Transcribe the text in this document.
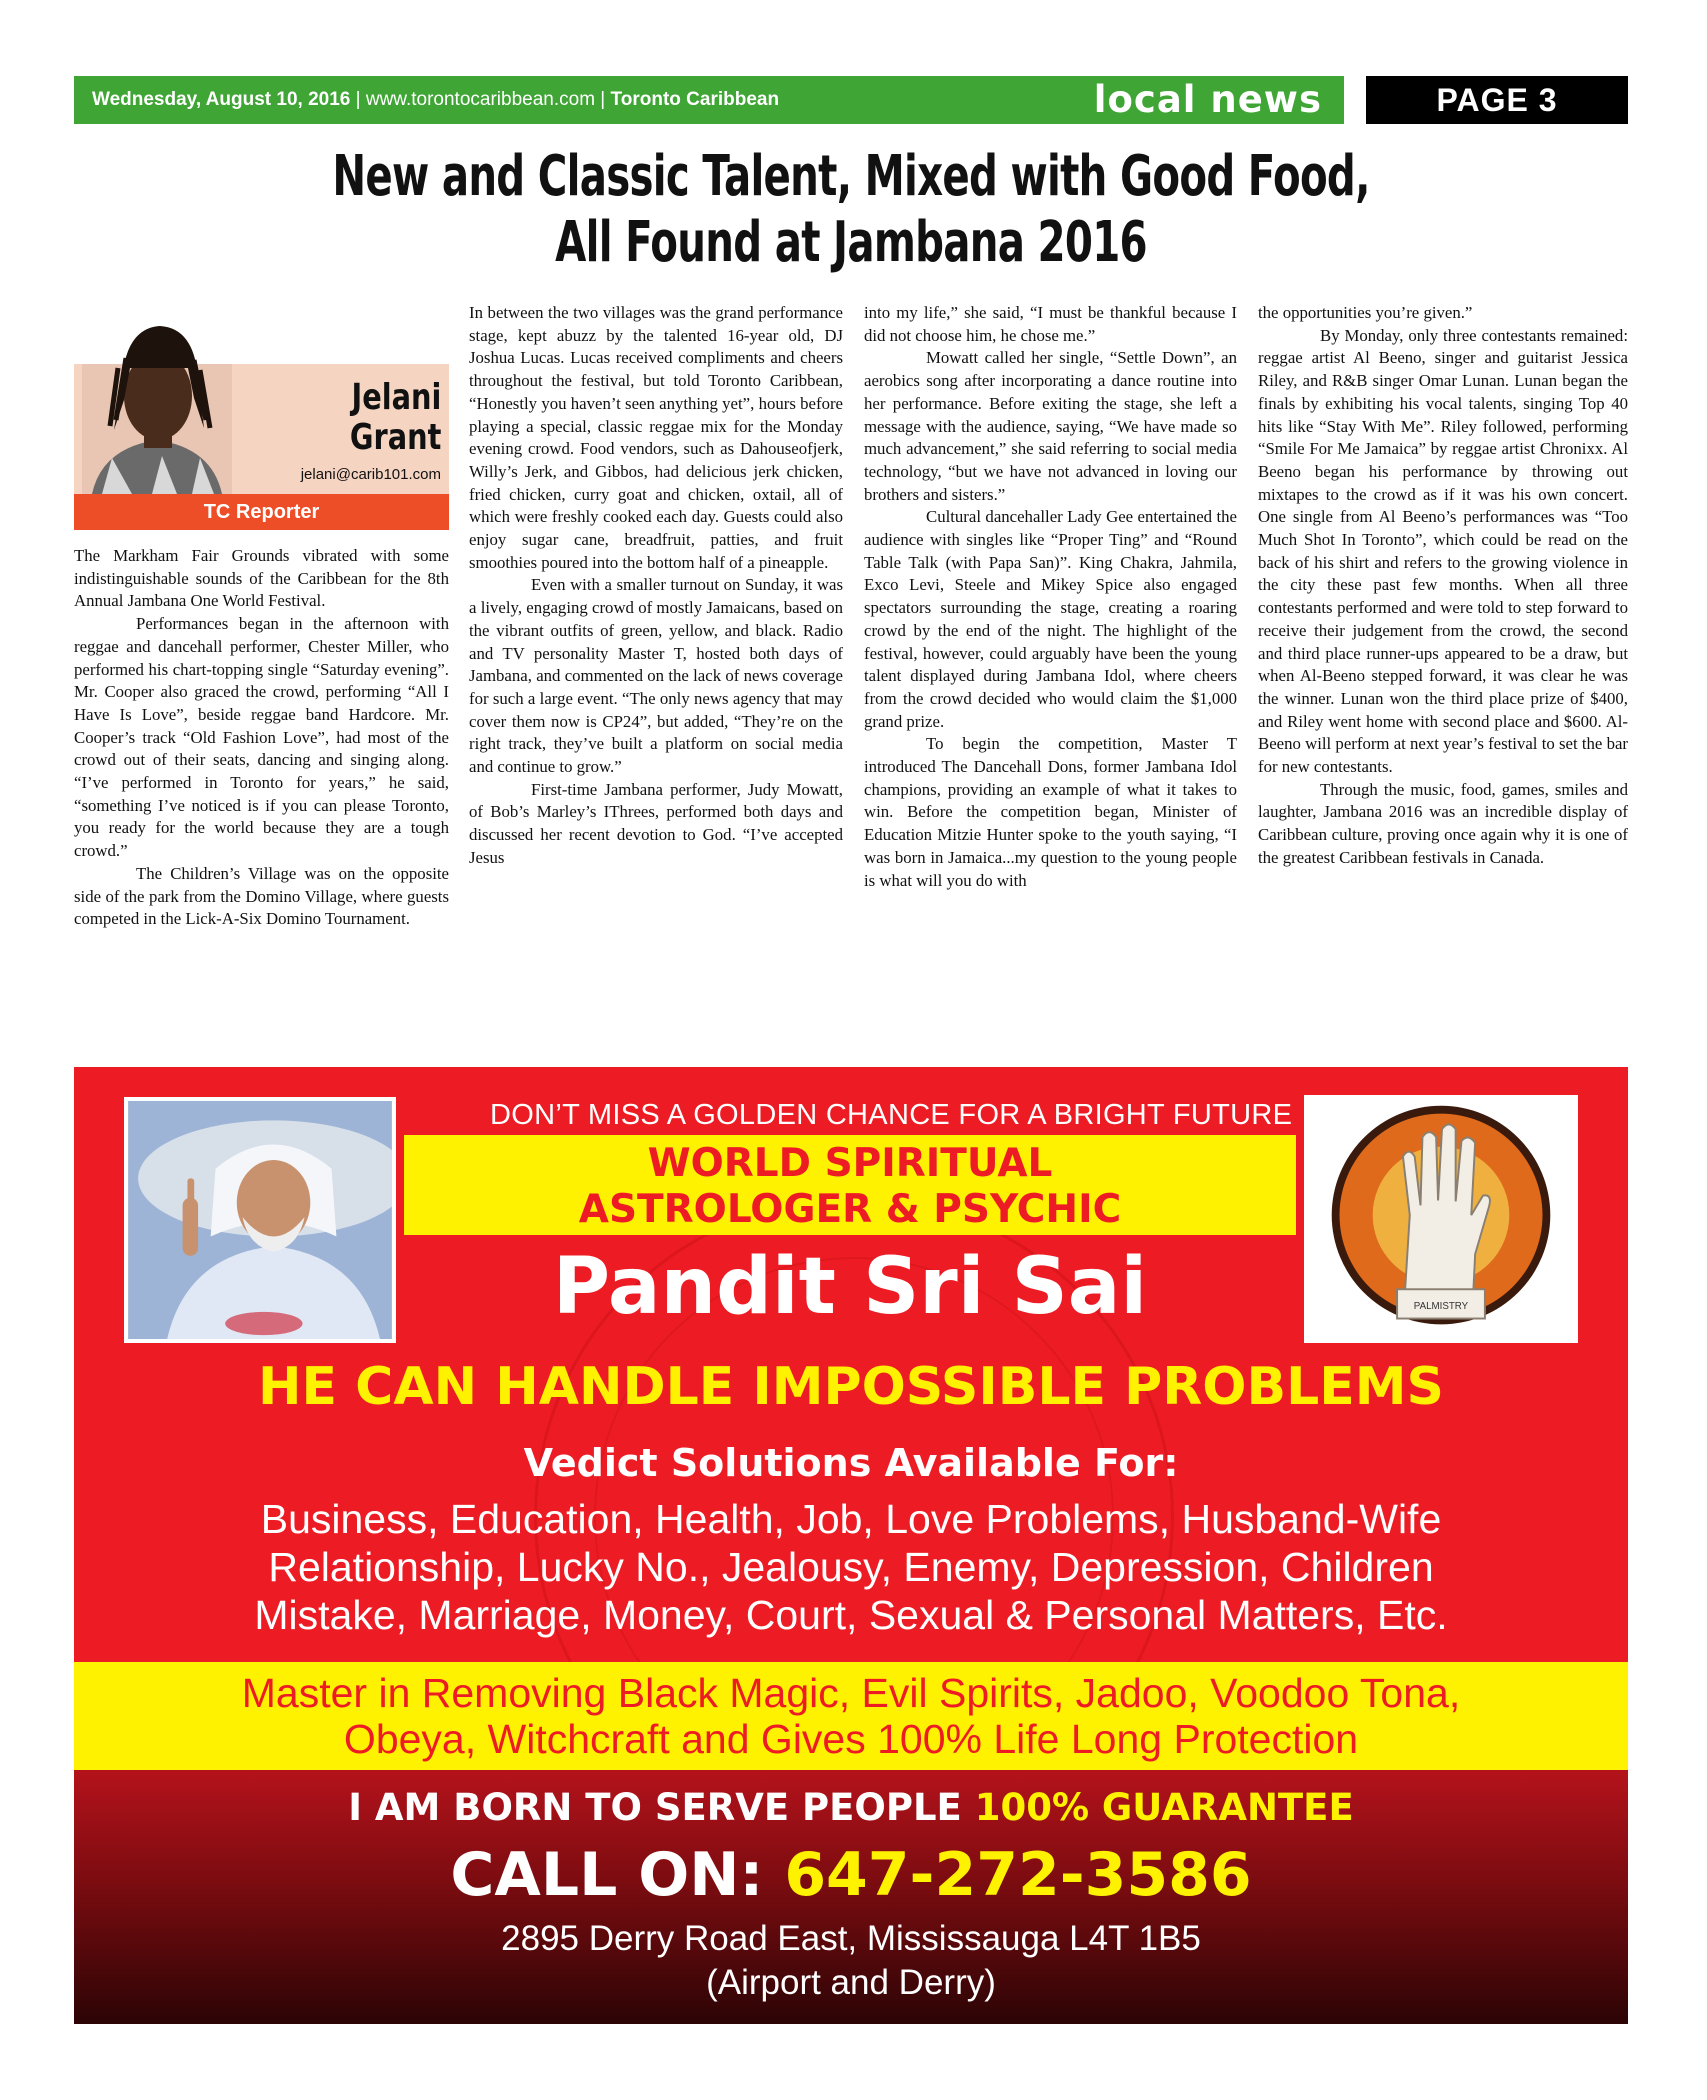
Wednesday, August 10, 2016 | www.torontocaribbean.com | Toronto Caribbean	local news	PAGE 3
New and Classic Talent, Mixed with Good Food,
All Found at Jambana 2016
Jelani
Grant
jelani@carib101.com
TC Reporter

The Markham Fair Grounds vibrated with some indistinguishable sounds of the Caribbean for the 8th Annual Jambana One World Festival.

Performances began in the afternoon with reggae and dancehall performer, Chester Miller, who performed his chart-topping single “Saturday evening”. Mr. Cooper also graced the crowd, performing “All I Have Is Love”, beside reggae band Hardcore. Mr. Cooper’s track “Old Fashion Love”, had most of the crowd out of their seats, dancing and singing along. “I’ve performed in Toronto for years,” he said, “something I’ve noticed is if you can please Toronto, you ready for the world because they are a tough crowd.”

The Children’s Village was on the opposite side of the park from the Domino Village, where guests competed in the Lick-A-Six Domino Tournament.

In between the two villages was the grand performance stage, kept abuzz by the talented 16-year old, DJ Joshua Lucas. Lucas received compliments and cheers throughout the festival, but told Toronto Caribbean, “Honestly you haven’t seen anything yet”, hours before playing a special, classic reggae mix for the Monday evening crowd. Food vendors, such as Dahouseofjerk, Willy’s Jerk, and Gibbos, had delicious jerk chicken, fried chicken, curry goat and chicken, oxtail, all of which were freshly cooked each day. Guests could also enjoy sugar cane, breadfruit, patties, and fruit smoothies poured into the bottom half of a pineapple.

Even with a smaller turnout on Sunday, it was a lively, engaging crowd of mostly Jamaicans, based on the vibrant outfits of green, yellow, and black. Radio and TV personality Master T, hosted both days of Jambana, and commented on the lack of news coverage for such a large event. “The only news agency that may cover them now is CP24”, but added, “They’re on the right track, they’ve built a platform on social media and continue to grow.”

First-time Jambana performer, Judy Mowatt, of Bob’s Marley’s IThrees, performed both days and discussed her recent devotion to God. “I’ve accepted Jesus

into my life,” she said, “I must be thankful because I did not choose him, he chose me.”

Mowatt called her single, “Settle Down”, an aerobics song after incorporating a dance routine into her performance. Before exiting the stage, she left a message with the audience, saying, “We have made so much advancement,” she said referring to social media technology, “but we have not advanced in loving our brothers and sisters.”

Cultural dancehaller Lady Gee entertained the audience with singles like “Proper Ting” and “Round Table Talk (with Papa San)”. King Chakra, Jahmila, Exco Levi, Steele and Mikey Spice also engaged spectators surrounding the stage, creating a roaring crowd by the end of the night. The highlight of the festival, however, could arguably have been the young talent displayed during Jambana Idol, where cheers from the crowd decided who would claim the $1,000 grand prize.

To begin the competition, Master T introduced The Dancehall Dons, former Jambana Idol champions, providing an example of what it takes to win. Before the competition began, Minister of Education Mitzie Hunter spoke to the youth saying, “I was born in Jamaica...my question to the young people is what will you do with

the opportunities you’re given.”

By Monday, only three contestants remained: reggae artist Al Beeno, singer and guitarist Jessica Riley, and R&B singer Omar Lunan. Lunan began the finals by exhibiting his vocal talents, singing Top 40 hits like “Stay With Me”. Riley followed, performing “Smile For Me Jamaica” by reggae artist Chronixx. Al Beeno began his performance by throwing out mixtapes to the crowd as if it was his own concert. One single from Al Beeno’s performances was “Too Much Shot In Toronto”, which could be read on the back of his shirt and refers to the growing violence in the city these past few months. When all three contestants performed and were told to step forward to receive their judgement from the crowd, the second and third place runner-ups appeared to be a draw, but when Al-Beeno stepped forward, it was clear he was the winner. Lunan won the third place prize of $400, and Riley went home with second place and $600. Al-Beeno will perform at next year’s festival to set the bar for new contestants.

Through the music, food, games, smiles and laughter, Jambana 2016 was an incredible display of Caribbean culture, proving once again why it is one of the greatest Caribbean festivals in Canada.

PALMISTRY
DON’T MISS A GOLDEN CHANCE FOR A BRIGHT FUTURE
WORLD SPIRITUAL
ASTROLOGER & PSYCHIC
Pandit Sri Sai
HE CAN HANDLE IMPOSSIBLE PROBLEMS
Vedict Solutions Available For:
Business, Education, Health, Job, Love Problems, Husband-Wife
Relationship, Lucky No., Jealousy, Enemy, Depression, Children
Mistake, Marriage, Money, Court, Sexual & Personal Matters, Etc.
Master in Removing Black Magic, Evil Spirits, Jadoo, Voodoo Tona,
Obeya, Witchcraft and Gives 100% Life Long Protection
I AM BORN TO SERVE PEOPLE 100% GUARANTEE
CALL ON: 647-272-3586
2895 Derry Road East, Mississauga L4T 1B5
(Airport and Derry)
